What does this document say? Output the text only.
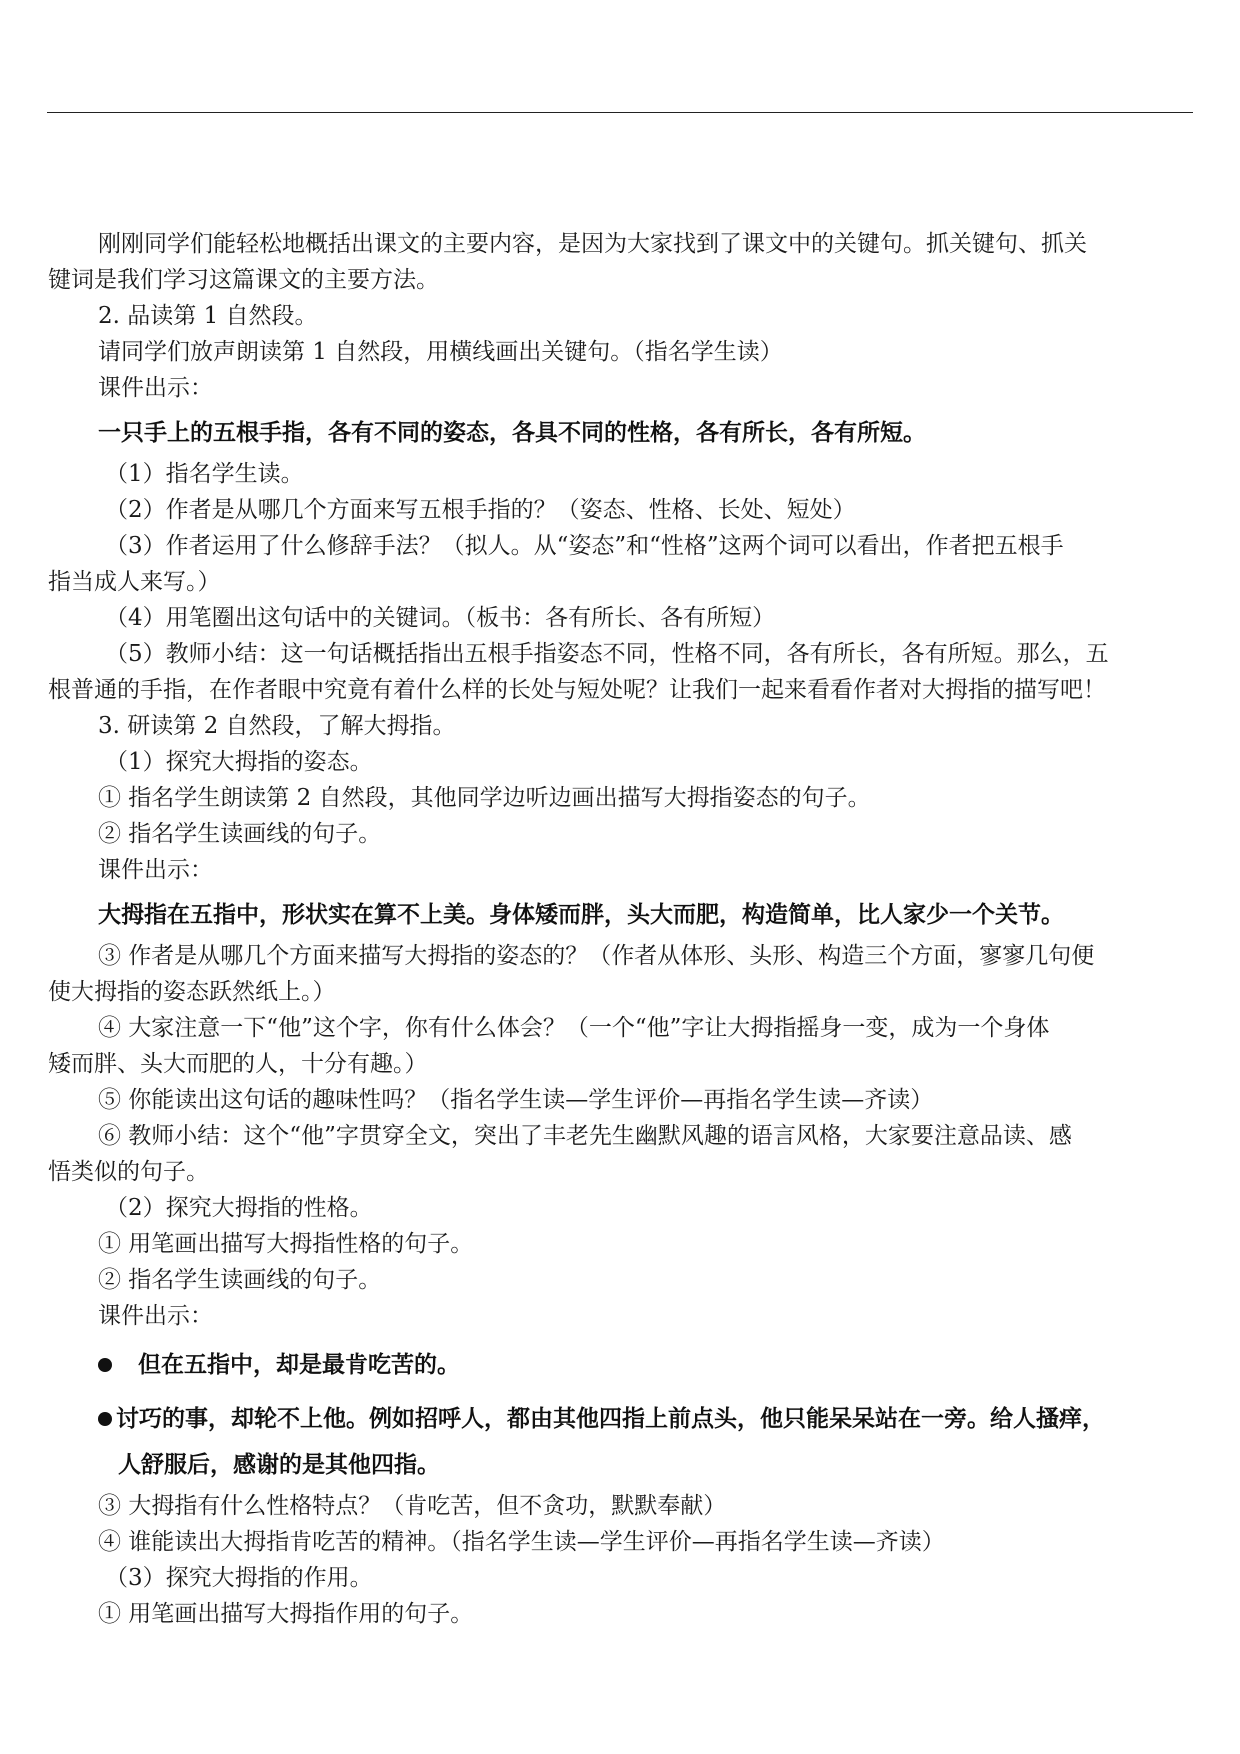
刚刚同学们能轻松地概括出课文的主要内容，是因为大家找到了课文中的关键句。抓关键句、抓关
键词是我们学习这篇课文的主要方法。
2. 品读第 1 自然段。
请同学们放声朗读第 1 自然段，用横线画出关键句。（指名学生读）
课件出示：
一只手上的五根手指，各有不同的姿态，各具不同的性格，各有所长，各有所短。
（1）指名学生读。
（2）作者是从哪几个方面来写五根手指的？（姿态、性格、长处、短处）
（3）作者运用了什么修辞手法？（拟人。从“姿态”和“性格”这两个词可以看出，作者把五根手
指当成人来写。）
（4）用笔圈出这句话中的关键词。（板书：各有所长、各有所短）
（5）教师小结：这一句话概括指出五根手指姿态不同，性格不同，各有所长，各有所短。那么，五
根普通的手指，在作者眼中究竟有着什么样的长处与短处呢？让我们一起来看看作者对大拇指的描写吧！
3. 研读第 2 自然段，了解大拇指。
（1）探究大拇指的姿态。
① 指名学生朗读第 2 自然段，其他同学边听边画出描写大拇指姿态的句子。
② 指名学生读画线的句子。
课件出示：
大拇指在五指中，形状实在算不上美。身体矮而胖，头大而肥，构造简单，比人家少一个关节。
③ 作者是从哪几个方面来描写大拇指的姿态的？（作者从体形、头形、构造三个方面，寥寥几句便
使大拇指的姿态跃然纸上。）
④ 大家注意一下“他”这个字，你有什么体会？（一个“他”字让大拇指摇身一变，成为一个身体
矮而胖、头大而肥的人，十分有趣。）
⑤ 你能读出这句话的趣味性吗？（指名学生读—学生评价—再指名学生读—齐读）
⑥ 教师小结：这个“他”字贯穿全文，突出了丰老先生幽默风趣的语言风格，大家要注意品读、感
悟类似的句子。
（2）探究大拇指的性格。
① 用笔画出描写大拇指性格的句子。
② 指名学生读画线的句子。
课件出示：
但在五指中，却是最肯吃苦的。
讨巧的事，却轮不上他。例如招呼人，都由其他四指上前点头，他只能呆呆站在一旁。给人搔痒，
人舒服后，感谢的是其他四指。
③ 大拇指有什么性格特点？（肯吃苦，但不贪功，默默奉献）
④ 谁能读出大拇指肯吃苦的精神。（指名学生读—学生评价—再指名学生读—齐读）
（3）探究大拇指的作用。
① 用笔画出描写大拇指作用的句子。
